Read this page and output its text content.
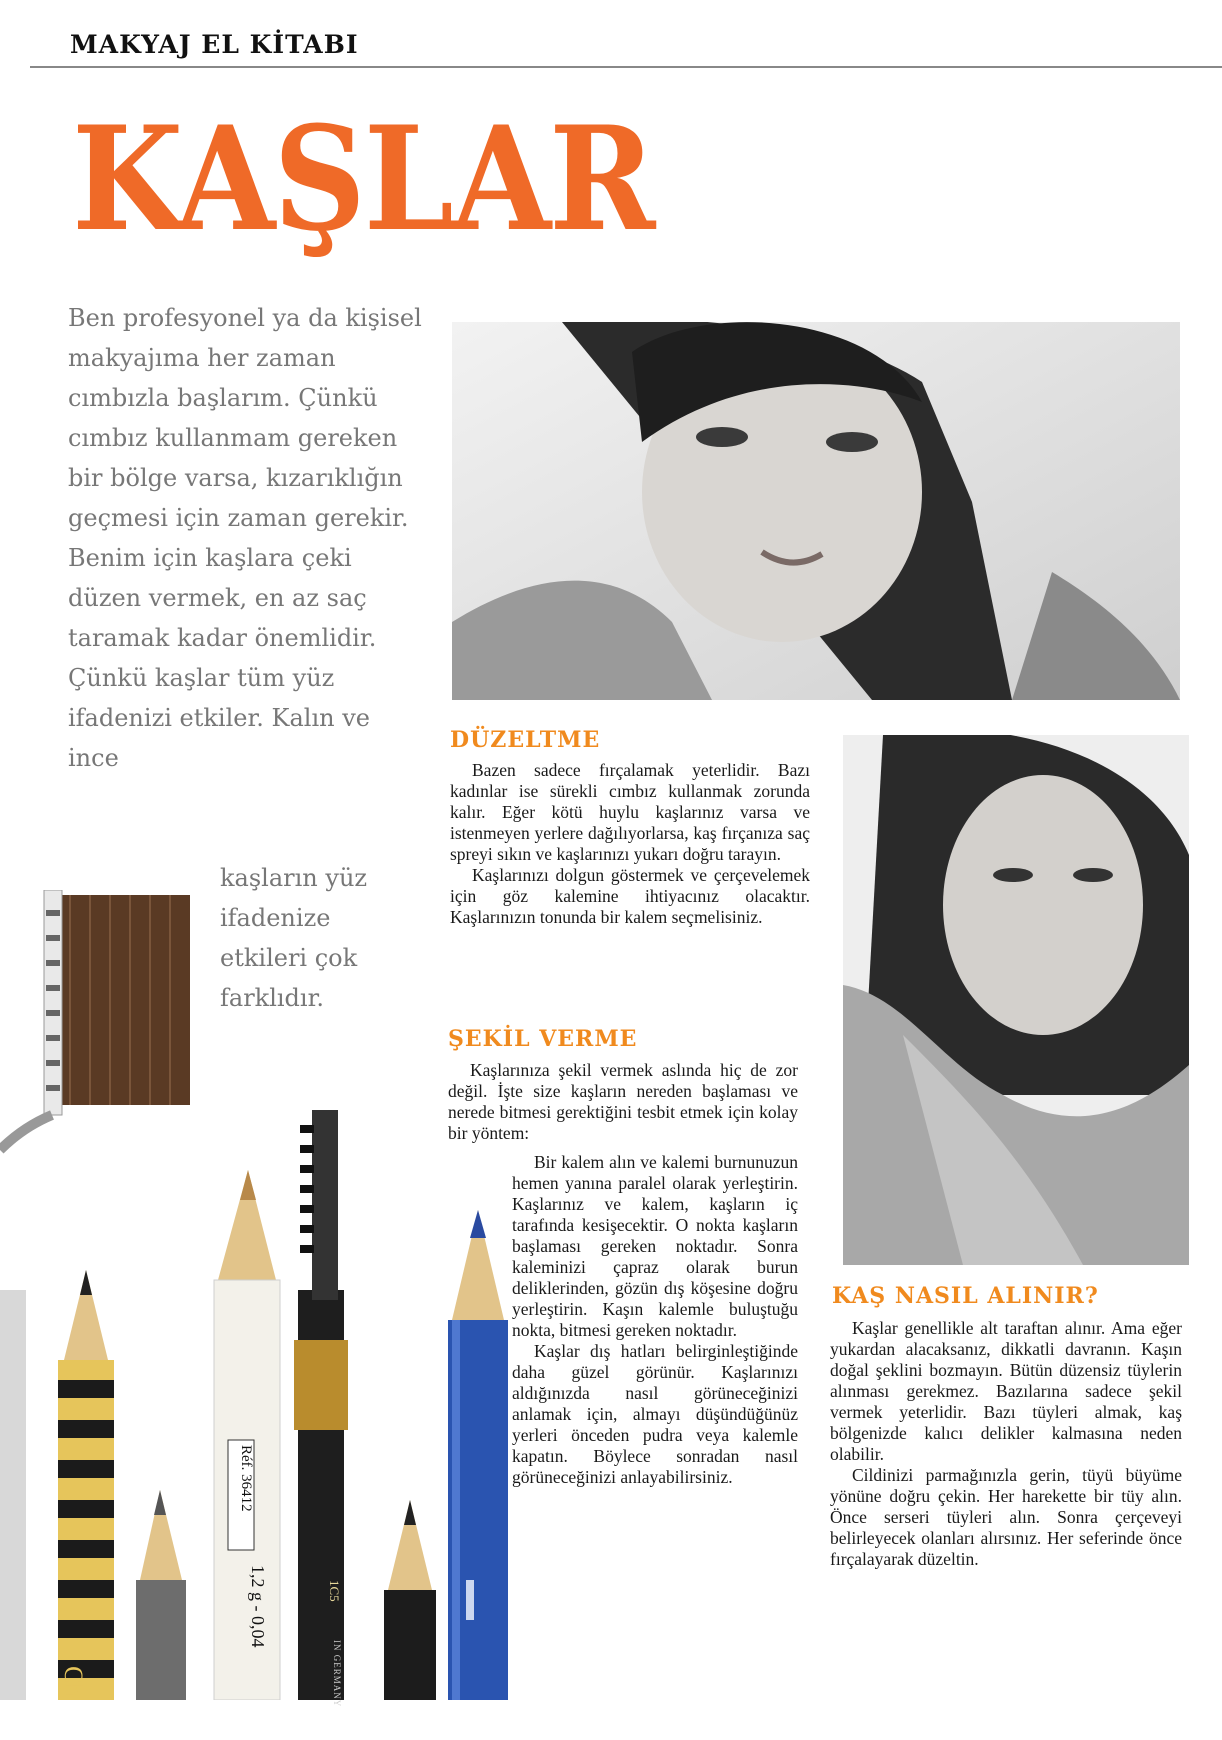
MAKYAJ EL KİTABI
KAŞLAR
Ben profesyonel ya da kişisel makyajıma her zaman cımbızla başlarım. Çünkü cımbız kullanmam gereken bir bölge varsa, kızarıklığın geçmesi için zaman gerekir. Benim için kaşlara çeki düzen vermek, en az saç taramak kadar önemlidir. Çünkü kaşlar tüm yüz ifadenizi etkiler. Kalın ve ince
kaşların yüz ifadenize etkileri çok farklıdır.
DÜZELTME

Bazen sadece fırçalamak yeterlidir. Bazı kadınlar ise sürekli cımbız kullanmak zorunda kalır. Eğer kötü huylu kaşlarınız varsa ve istenmeyen yerlere dağılıyorlarsa, kaş fırçanıza saç spreyi sıkın ve kaşlarınızı yukarı doğru tarayın.

Kaşlarınızı dolgun göstermek ve çerçevelemek için göz kalemine ihtiyacınız olacaktır. Kaşlarınızın tonunda bir kalem seçmelisiniz.

ŞEKİL VERME

Kaşlarınıza şekil vermek aslında hiç de zor değil. İşte size kaşların nereden başlaması ve nerede bitmesi gerektiğini tesbit etmek için kolay bir yöntem:

Bir kalem alın ve kalemi burnunuzun hemen yanına paralel olarak yerleştirin. Kaşlarınız ve kalem, kaşların iç tarafında kesişecektir. O nokta kaşların başlaması gereken noktadır. Sonra kaleminizi çapraz olarak burun deliklerinden, gözün dış köşesine doğru yerleştirin. Kaşın kalemle buluştuğu nokta, bitmesi gereken noktadır.

Kaşlar dış hatları belirginleştiğinde daha güzel görünür. Kaşlarınızı aldığınızda nasıl görüneceğinizi anlamak için, almayı düşündüğünüz yerleri önceden pudra veya kalemle kapatın. Böylece sonradan nasıl görüneceğinizi anlayabilirsiniz.

KAŞ NASIL ALINIR?

Kaşlar genellikle alt taraftan alınır. Ama eğer yukardan alacaksanız, dikkatli davranın. Kaşın doğal şeklini bozmayın. Bütün düzensiz tüylerin alınması gerekmez. Bazılarına sadece şekil vermek yeterlidir. Bazı tüyleri almak, kaş bölgenizde kalıcı delikler kalmasına neden olabilir.

Cildinizi parmağınızla gerin, tüyü büyüme yönüne doğru çekin. Her harekette bir tüy alın. Önce serseri tüyleri alın. Sonra çerçeveyi belirleyecek olanları alırsınız. Her seferinde önce fırçalayarak düzeltin.

Réf. 36412
1,2 g - 0,04	1C5
IN GERMANY
Ch
